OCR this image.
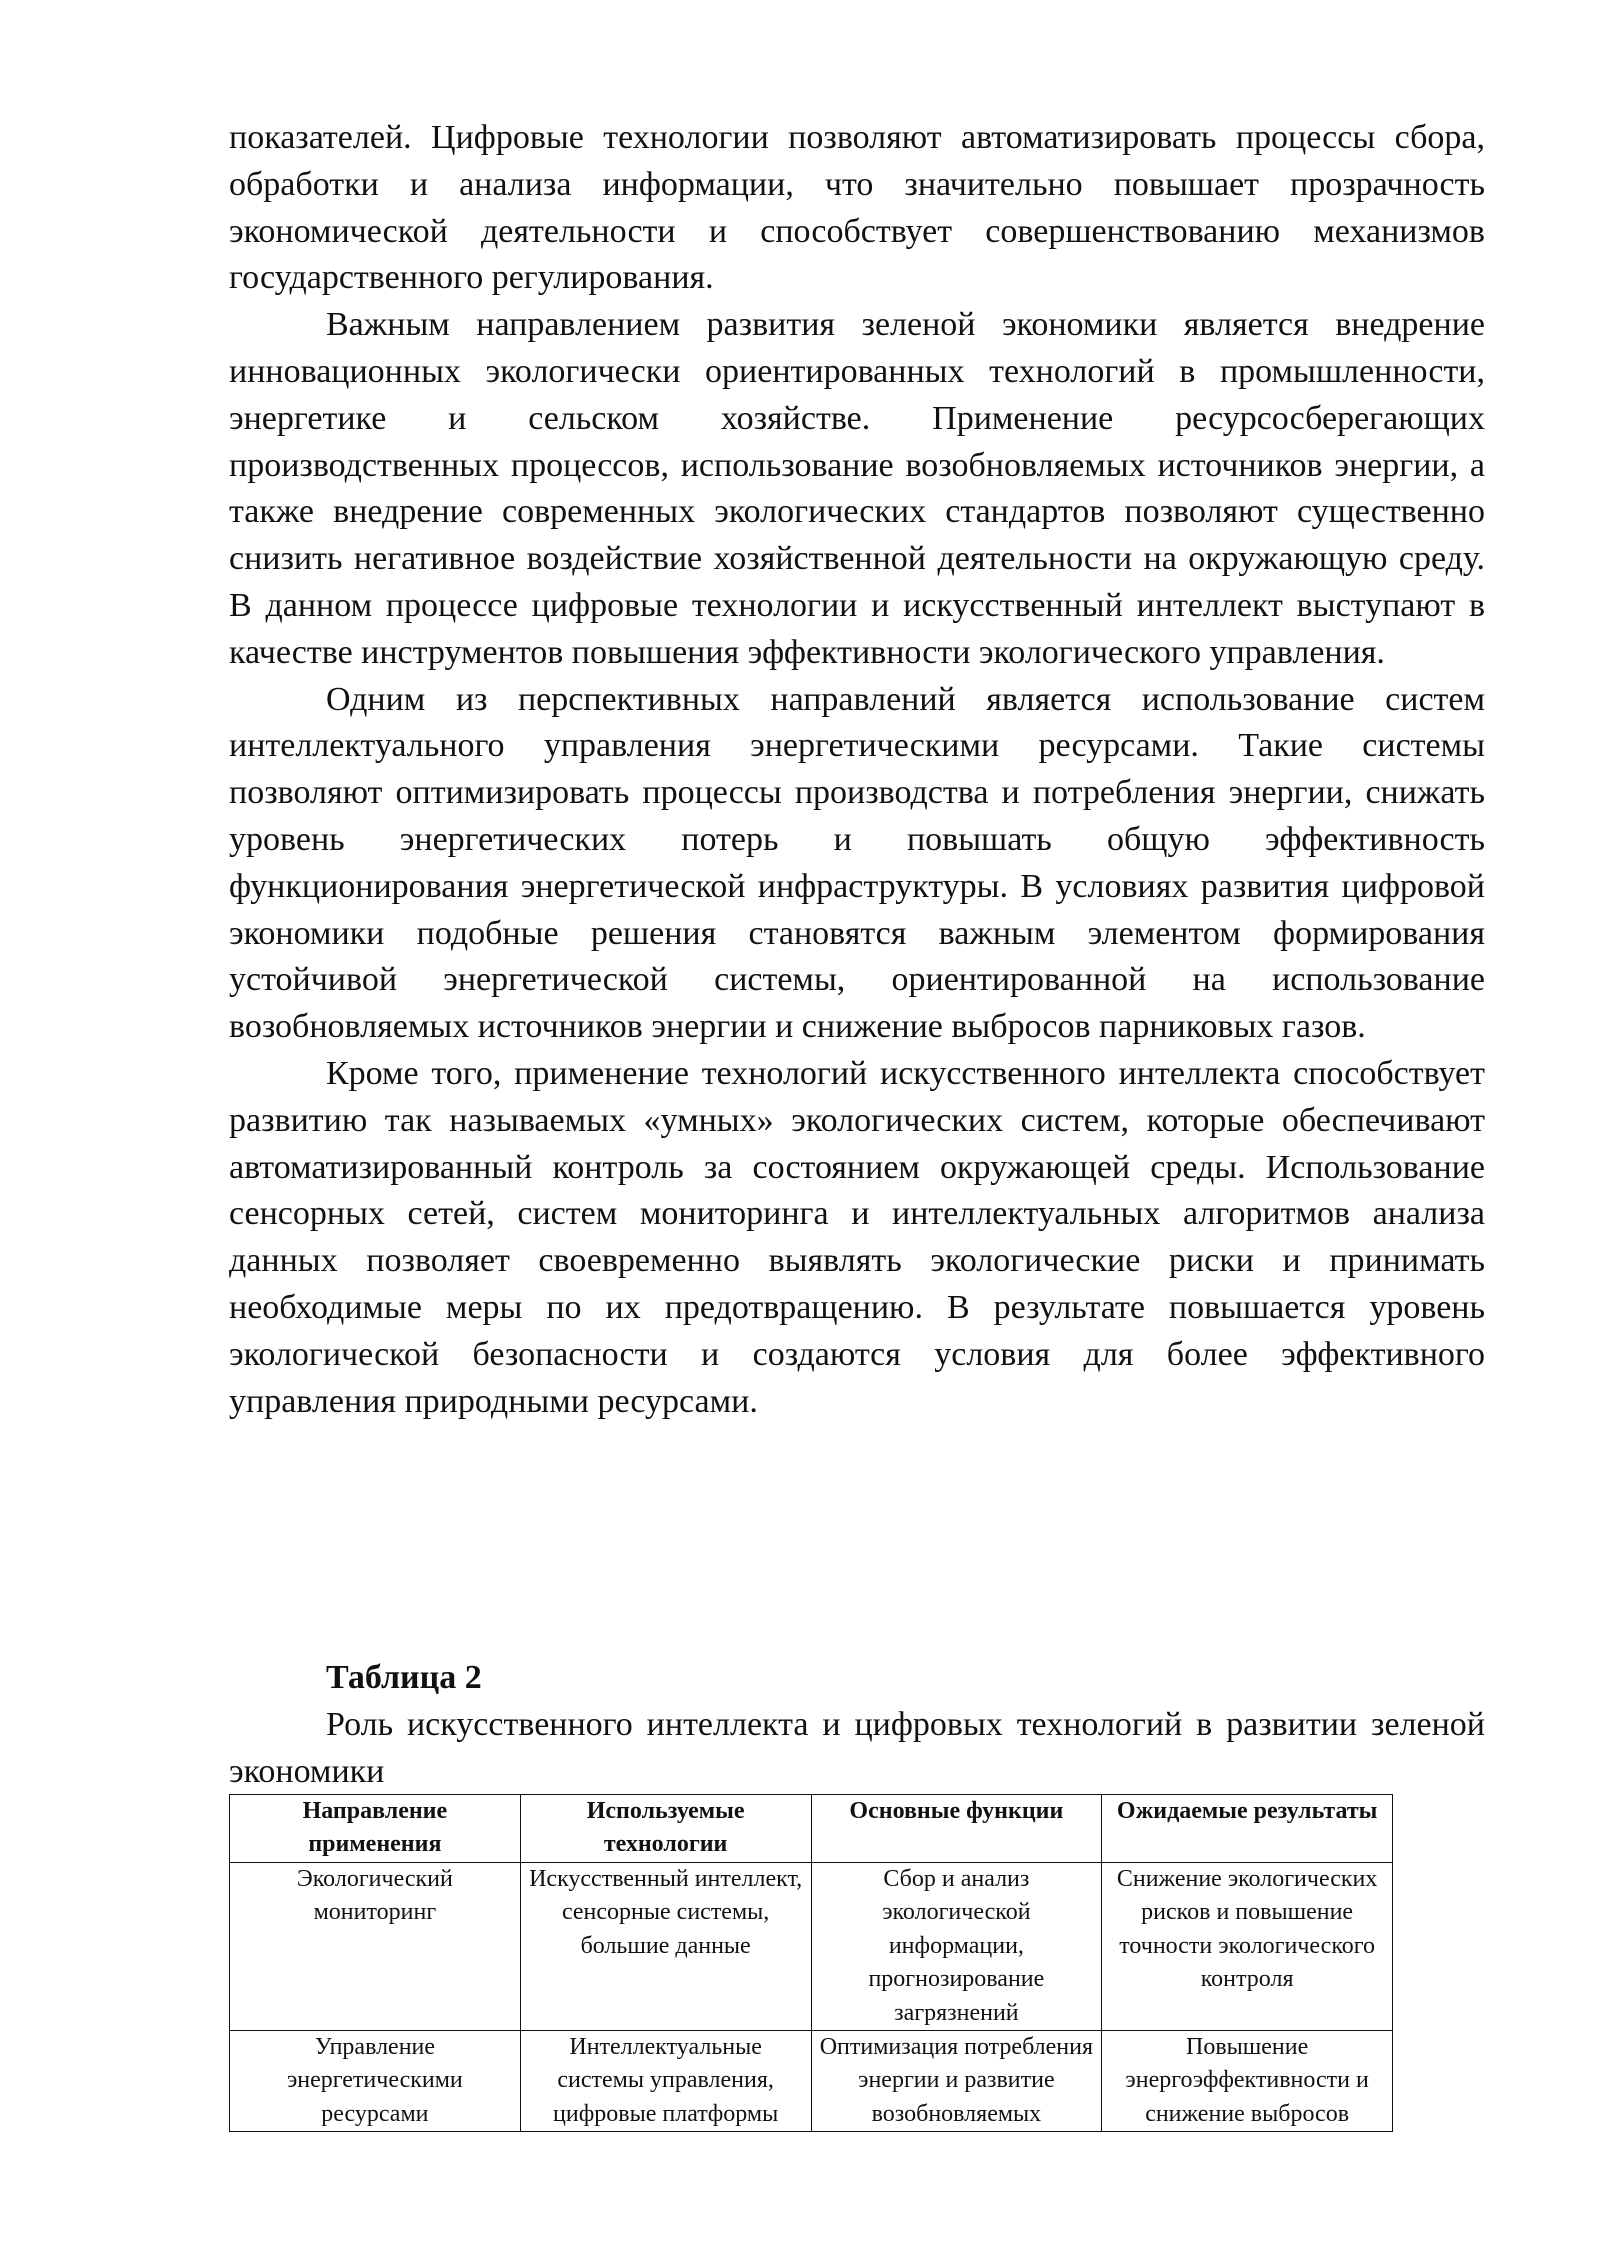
показателей. Цифровые технологии позволяют автоматизировать процессы сбора, обработки и анализа информации, что значительно повышает прозрачность экономической деятельности и способствует совершенствованию механизмов государственного регулирования.

Важным направлением развития зеленой экономики является внедрение инновационных экологически ориентированных технологий в промышленности, энергетике и сельском хозяйстве. Применение ресурсосберегающих производственных процессов, использование возобновляемых источников энергии, а также внедрение современных экологических стандартов позволяют существенно снизить негативное воздействие хозяйственной деятельности на окружающую среду. В данном процессе цифровые технологии и искусственный интеллект выступают в качестве инструментов повышения эффективности экологического управления.

Одним из перспективных направлений является использование систем интеллектуального управления энергетическими ресурсами. Такие системы позволяют оптимизировать процессы производства и потребления энергии, снижать уровень энергетических потерь и повышать общую эффективность функционирования энергетической инфраструктуры. В условиях развития цифровой экономики подобные решения становятся важным элементом формирования устойчивой энергетической системы, ориентированной на использование возобновляемых источников энергии и снижение выбросов парниковых газов.

Кроме того, применение технологий искусственного интеллекта способствует развитию так называемых «умных» экологических систем, которые обеспечивают автоматизированный контроль за состоянием окружающей среды. Использование сенсорных сетей, систем мониторинга и интеллектуальных алгоритмов анализа данных позволяет своевременно выявлять экологические риски и принимать необходимые меры по их предотвращению. В результате повышается уровень экологической безопасности и создаются условия для более эффективного управления природными ресурсами.

Таблица 2

Роль искусственного интеллекта и цифровых технологий в развитии зеленой экономики

Направление применения	Используемые технологии	Основные функции	Ожидаемые результаты
Экологический мониторинг	Искусственный интеллект, сенсорные системы, большие данные	Сбор и анализ экологической информации, прогнозирование загрязнений	Снижение экологических рисков и повышение точности экологического контроля
Управление энергетическими ресурсами	Интеллектуальные системы управления, цифровые платформы	Оптимизация потребления энергии и развитие возобновляемых	Повышение энергоэффективности и снижение выбросов
